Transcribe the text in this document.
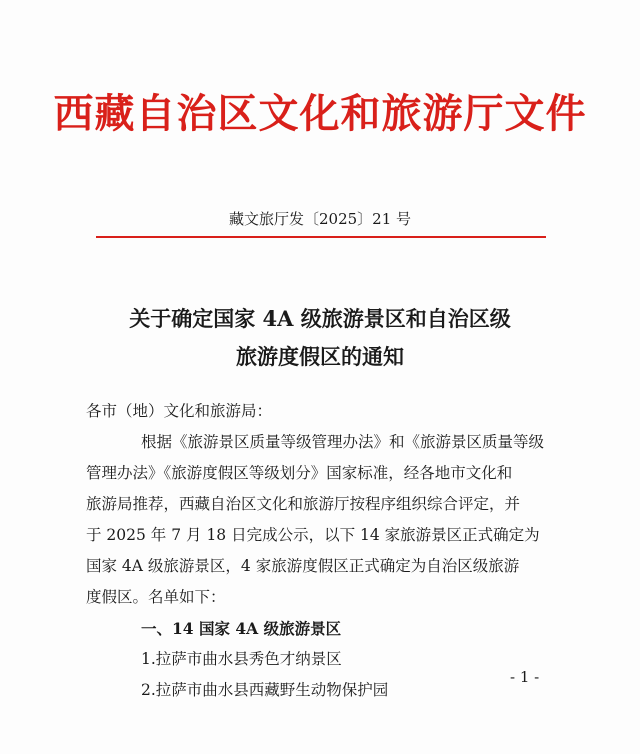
西藏自治区文化和旅游厅文件
藏文旅厅发〔2025〕21 号
关于确定国家 4A 级旅游景区和自治区级
旅游度假区的通知
各市（地）文化和旅游局：
根据《旅游景区质量等级管理办法》和《旅游景区质量等级
管理办法》《旅游度假区等级划分》国家标准，经各地市文化和
旅游局推荐，西藏自治区文化和旅游厅按程序组织综合评定，并
于 2025 年 7 月 18 日完成公示，以下 14 家旅游景区正式确定为
国家 4A 级旅游景区，4 家旅游度假区正式确定为自治区级旅游
度假区。名单如下：
一、14 国家 4A 级旅游景区
1.拉萨市曲水县秀色才纳景区
2.拉萨市曲水县西藏野生动物保护园
- 1 -
